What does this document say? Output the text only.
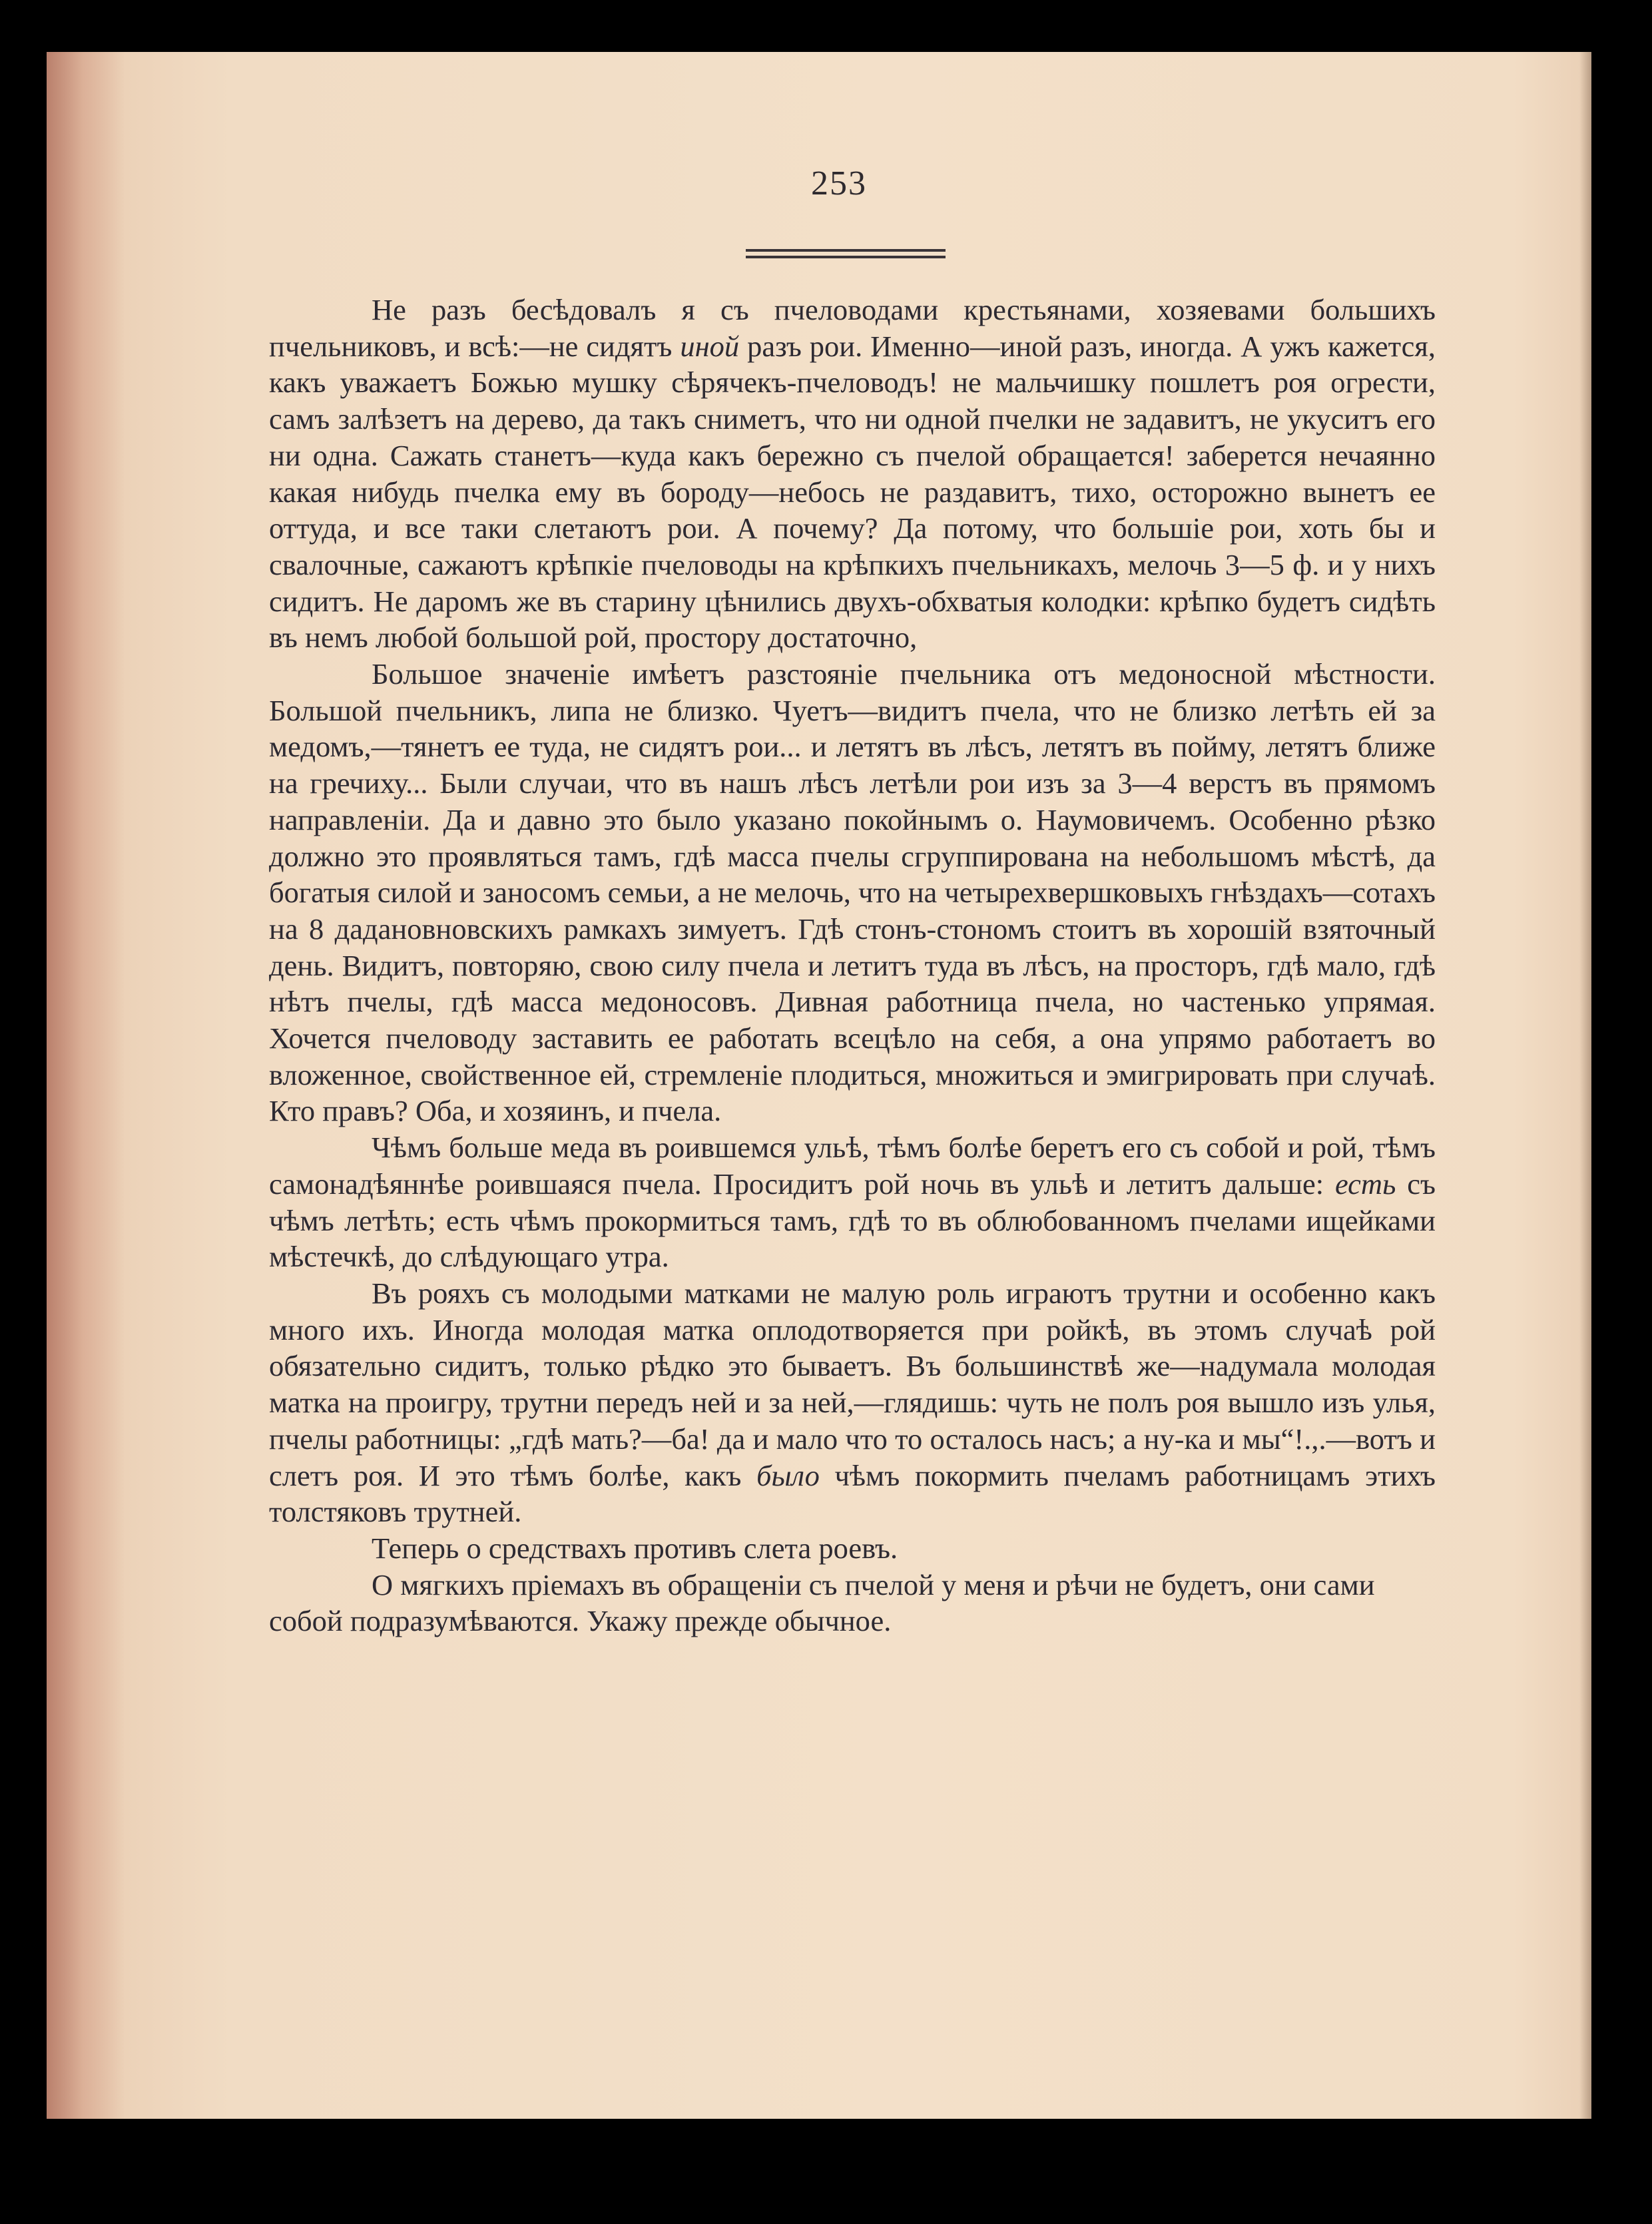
253

Не разъ бесѣдовалъ я съ пчеловодами крестьянами, хозяевами большихъ пчельниковъ, и всѣ:—не сидятъ иной разъ рои. Именно—иной разъ, иногда. А ужъ кажется, какъ уважаетъ Божью мушку сѣрячекъ-пчеловодъ! не мальчишку пошлетъ роя огрести, самъ залѣзетъ на дерево, да такъ сниметъ, что ни одной пчелки не задавитъ, не укуситъ его ни одна. Сажать станетъ—куда какъ бережно съ пчелой обращается! заберется нечаянно какая нибудь пчелка ему въ бороду—небось не раздавитъ, тихо, осторожно вынетъ ее оттуда, и все таки слетаютъ рои. А почему? Да потому, что большіе рои, хоть бы и свалочные, сажаютъ крѣпкіе пчеловоды на крѣпкихъ пчельникахъ, мелочь 3—5 ф. и у нихъ сидитъ. Не даромъ же въ старину цѣнились двухъ-обхватыя колодки: крѣпко будетъ сидѣть въ немъ любой большой рой, простору достаточно,

Большое значеніе имѣетъ разстояніе пчельника отъ медоносной мѣстности. Большой пчельникъ, липа не близко. Чуетъ—видитъ пчела, что не близко летѣть ей за медомъ,—тянетъ ее туда, не сидятъ рои... и летятъ въ лѣсъ, летятъ въ пойму, летятъ ближе на гречиху... Были случаи, что въ нашъ лѣсъ летѣли рои изъ за 3—4 верстъ въ прямомъ направленіи. Да и давно это было указано покойнымъ о. Наумовичемъ. Особенно рѣзко должно это проявляться тамъ, гдѣ масса пчелы сгруппирована на небольшомъ мѣстѣ, да богатыя силой и заносомъ семьи, а не мелочь, что на четырехвершковыхъ гнѣздахъ—сотахъ на 8 дадановновскихъ рамкахъ зимуетъ. Гдѣ стонъ-стономъ стоитъ въ хорошій взяточный день. Видитъ, повторяю, свою силу пчела и летитъ туда въ лѣсъ, на просторъ, гдѣ мало, гдѣ нѣтъ пчелы, гдѣ масса медоносовъ. Дивная работница пчела, но частенько упрямая. Хочется пчеловоду заставить ее работать всецѣло на себя, а она упрямо работаетъ во вложенное, свойственное ей, стремленіе плодиться, множиться и эмигрировать при случаѣ. Кто правъ? Оба, и хозяинъ, и пчела.

Чѣмъ больше меда въ роившемся ульѣ, тѣмъ болѣе беретъ его съ собой и рой, тѣмъ самонадѣяннѣе роившаяся пчела. Просидитъ рой ночь въ ульѣ и летитъ дальше: есть съ чѣмъ летѣть; есть чѣмъ прокормиться тамъ, гдѣ то въ облюбованномъ пчелами ищейками мѣстечкѣ, до слѣдующаго утра.

Въ рояхъ съ молодыми матками не малую роль играютъ трутни и особенно какъ много ихъ. Иногда молодая матка оплодотворяется при ройкѣ, въ этомъ случаѣ рой обязательно сидитъ, только рѣдко это бываетъ. Въ большинствѣ же—надумала молодая матка на проигру, трутни передъ ней и за ней,—глядишь: чуть не полъ роя вышло изъ улья, пчелы работницы: „гдѣ мать?—ба! да и мало что то осталось насъ; а ну-ка и мы“!.,.—вотъ и слетъ роя. И это тѣмъ болѣе, какъ было чѣмъ покормить пчеламъ работницамъ этихъ толстяковъ трутней.

Теперь о средствахъ противъ слета роевъ.

О мягкихъ пріемахъ въ обращеніи съ пчелой у меня и рѣчи не будетъ, они сами собой подразумѣваются. Укажу прежде обычное.
